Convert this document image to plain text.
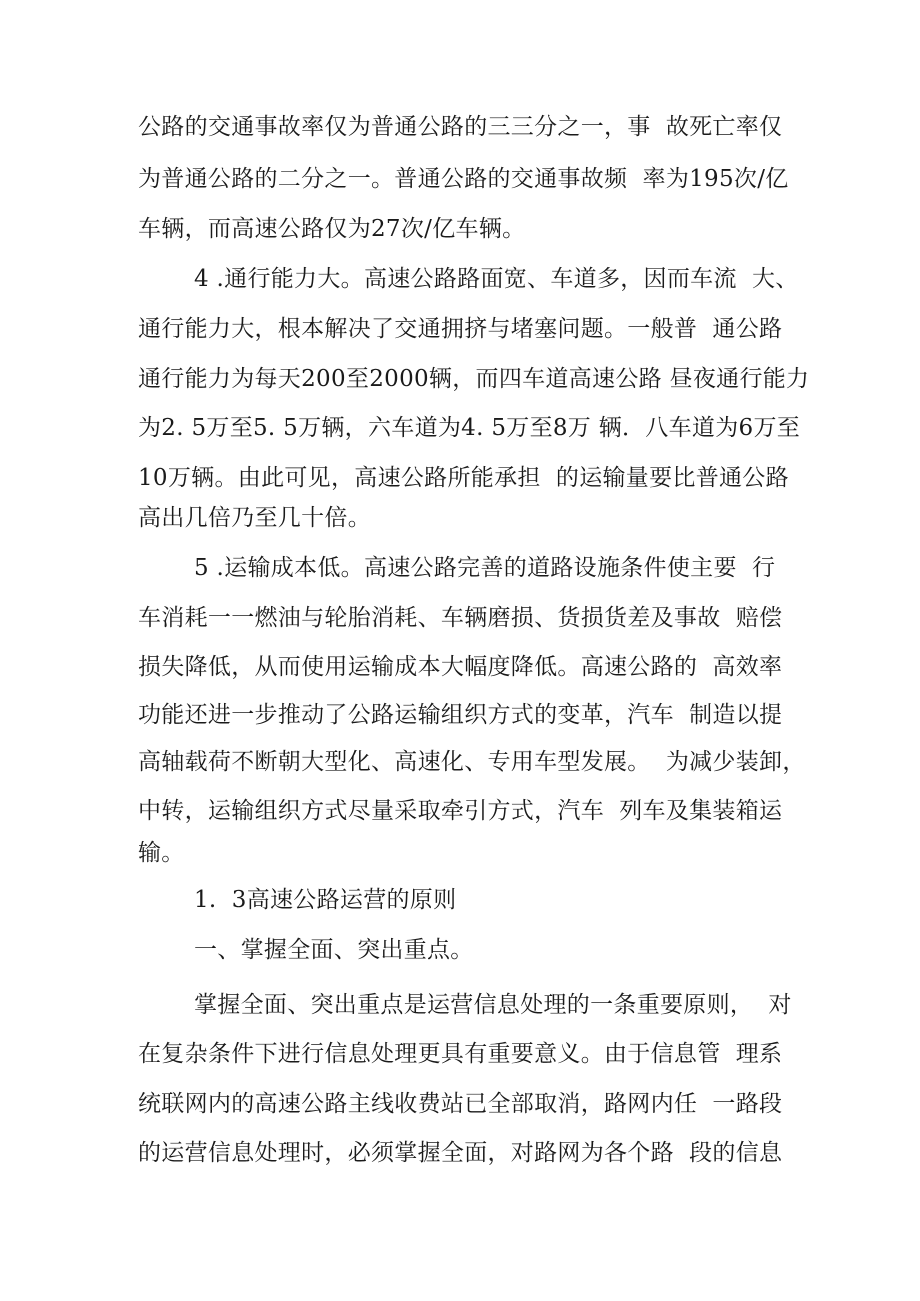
公路的交通事故率仅为普通公路的三三分之一，事  故死亡率仅
为普通公路的二分之一。普通公路的交通事故频  率为195次/亿
车辆，而高速公路仅为27次/亿车辆。
4 .通行能力大。高速公路路面宽、车道多，因而车流  大、
通行能力大，根本解决了交通拥挤与堵塞问题。一般普  通公路
通行能力为每天200至2000辆，而四车道高速公路 昼夜通行能力
为2. 5万至5. 5万辆，六车道为4. 5万至8万 辆．八车道为6万至
10万辆。由此可见，高速公路所能承担  的运输量要比普通公路
高出几倍乃至几十倍。
5 .运输成本低。高速公路完善的道路设施条件使主要  行
车消耗一一燃油与轮胎消耗、车辆磨损、货损货差及事故  赔偿
损失降低，从而使用运输成本大幅度降低。高速公路的  高效率
功能还进一步推动了公路运输组织方式的变革，汽车  制造以提
高轴载荷不断朝大型化、高速化、专用车型发展。  为减少装卸，
中转，运输组织方式尽量采取牵引方式，汽车  列车及集装箱运
输。
1.  3高速公路运营的原则
一、掌握全面、突出重点。
掌握全面、突出重点是运营信息处理的一条重要原则，  对
在复杂条件下进行信息处理更具有重要意义。由于信息管  理系
统联网内的高速公路主线收费站已全部取消，路网内任  一路段
的运营信息处理时，必须掌握全面，对路网为各个路  段的信息
